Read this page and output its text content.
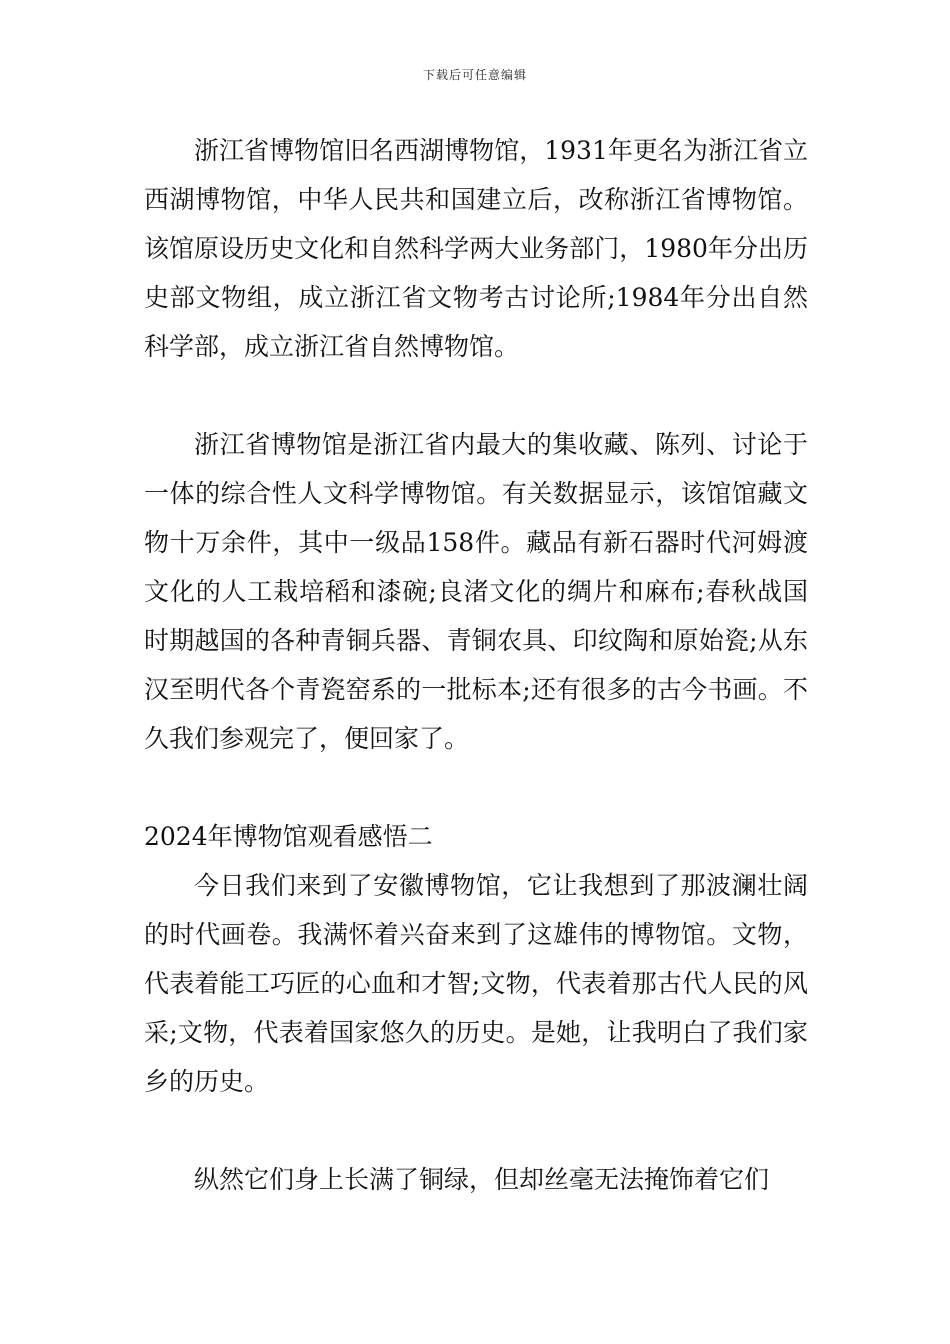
下载后可任意编辑

浙江省博物馆旧名西湖博物馆，1931年更名为浙江省立西湖博物馆，中华人民共和国建立后，改称浙江省博物馆。该馆原设历史文化和自然科学两大业务部门，1980年分出历史部文物组，成立浙江省文物考古讨论所;1984年分出自然科学部，成立浙江省自然博物馆。

浙江省博物馆是浙江省内最大的集收藏、陈列、讨论于一体的综合性人文科学博物馆。有关数据显示，该馆馆藏文物十万余件，其中一级品158件。藏品有新石器时代河姆渡文化的人工栽培稻和漆碗;良渚文化的绸片和麻布;春秋战国时期越国的各种青铜兵器、青铜农具、印纹陶和原始瓷;从东汉至明代各个青瓷窑系的一批标本;还有很多的古今书画。不久我们参观完了，便回家了。

2024年博物馆观看感悟二

今日我们来到了安徽博物馆，它让我想到了那波澜壮阔的时代画卷。我满怀着兴奋来到了这雄伟的博物馆。文物，代表着能工巧匠的心血和才智;文物，代表着那古代人民的风采;文物，代表着国家悠久的历史。是她，让我明白了我们家乡的历史。

纵然它们身上长满了铜绿，但却丝毫无法掩饰着它们
